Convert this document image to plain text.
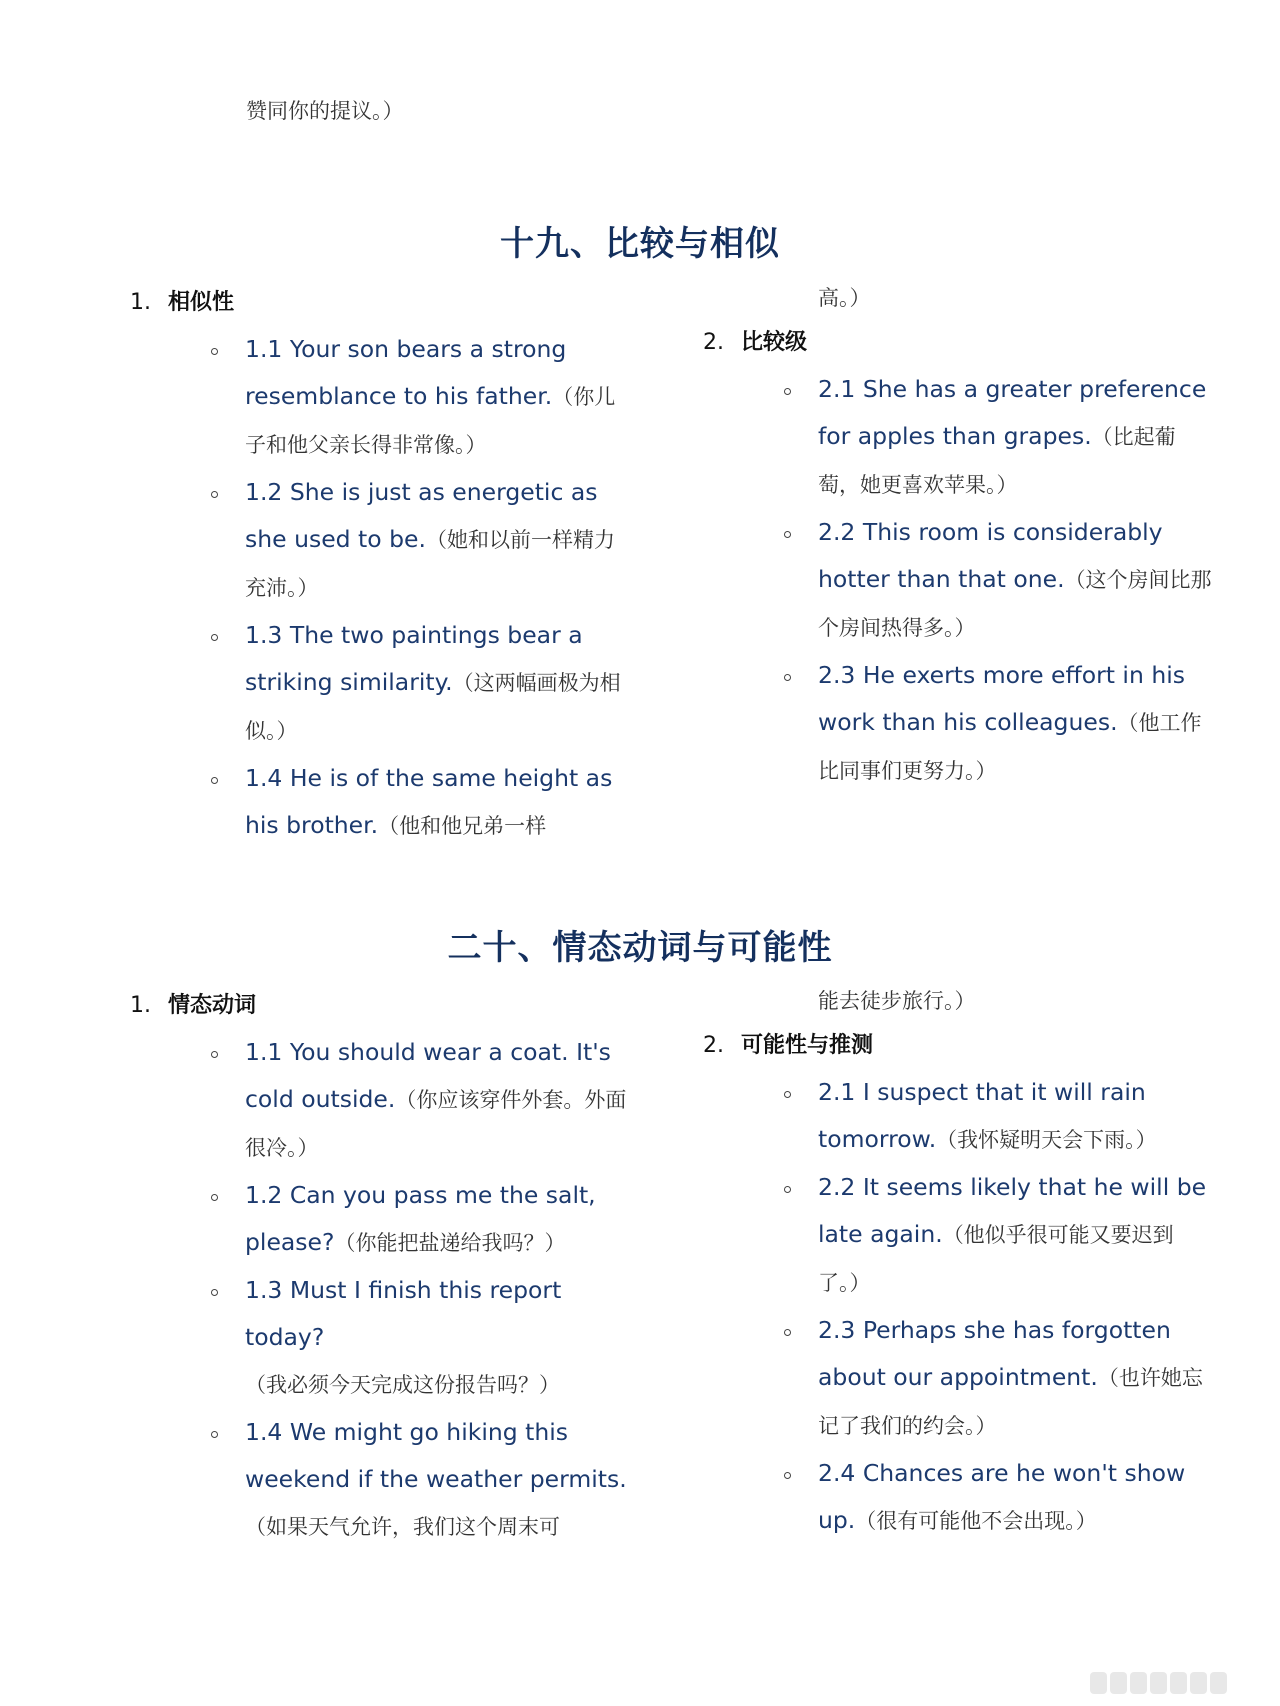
赞同你的提议。）
十九、比较与相似
1. 相似性

1.1 Your son bears a strong resemblance to his father.（你儿子和他父亲长得非常像。）

1.2 She is just as energetic as she used to be.（她和以前一样精力充沛。）

1.3 The two paintings bear a striking similarity.（这两幅画极为相似。）

1.4 He is of the same height as his brother.（他和他兄弟一样

高。）
2. 比较级

2.1 She has a greater preference for apples than grapes.（比起葡萄，她更喜欢苹果。）

2.2 This room is considerably hotter than that one.（这个房间比那个房间热得多。）

2.3 He exerts more effort in his work than his colleagues.（他工作比同事们更努力。）

二十、情态动词与可能性
1. 情态动词

1.1 You should wear a coat. It's cold outside.（你应该穿件外套。外面很冷。）

1.2 Can you pass me the salt, please?（你能把盐递给我吗？）

1.3 Must I finish this report today?（我必须今天完成这份报告吗？）

1.4 We might go hiking this weekend if the weather permits.（如果天气允许，我们这个周末可

能去徒步旅行。）
2. 可能性与推测

2.1 I suspect that it will rain tomorrow.（我怀疑明天会下雨。）

2.2 It seems likely that he will be late again.（他似乎很可能又要迟到了。）

2.3 Perhaps she has forgotten about our appointment.（也许她忘记了我们的约会。）

2.4 Chances are he won't show up.（很有可能他不会出现。）
